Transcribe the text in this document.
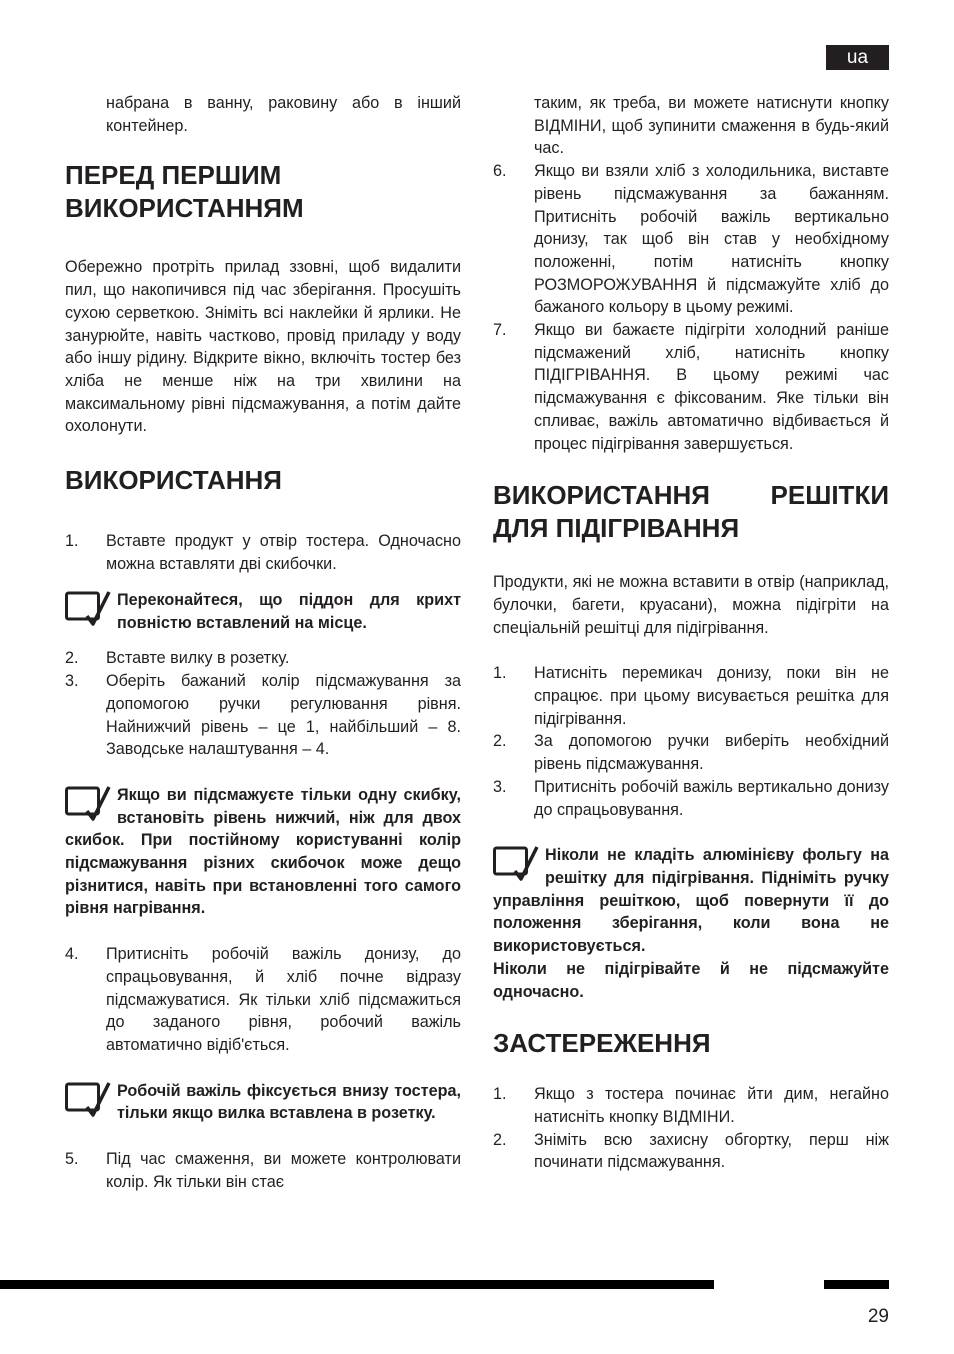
ua

набрана в ванну, раковину або в інший контейнер.

ПЕРЕД ПЕРШИМ ВИКОРИСТАННЯМ

Обережно протріть прилад ззовні, щоб видалити пил, що накопичився під час зберігання. Просушіть сухою серветкою. Зніміть всі наклейки й ярлики. Не занурюйте, навіть частково, провід приладу у воду або іншу рідину. Відкрите вікно, включіть тостер без хліба не менше ніж на три хвилини на максимальному рівні підсмажування, а потім дайте охолонути.

ВИКОРИСТАННЯ
1. Вставте продукт у отвір тостера. Одночасно можна вставляти дві скибочки.

Переконайтеся, що піддон для крихт повністю вставлений на місце.

2. Вставте вилку в розетку.
3. Оберіть бажаний колір підсмажування за допомогою ручки регулювання рівня. Найнижчий рівень – це 1, найбільший – 8. Заводське налаштування – 4.

Якщо ви підсмажуєте тільки одну скибку, встановіть рівень нижчий, ніж для двох скибок. При постійному користуванні колір підсмажування різних скибочок може дещо різнитися, навіть при встановленні того самого рівня нагрівання.

4. Притисніть робочій важіль донизу, до спрацьовування, й хліб почне відразу підсмажуватися. Як тільки хліб підсмажиться до заданого рівня, робочий важіль автоматично відіб'ється.

Робочій важіль фіксується внизу тостера, тільки якщо вилка вставлена в розетку.

5. Під час смаження, ви можете контролювати колір. Як тільки він стає

таким, як треба, ви можете натиснути кнопку ВІДМІНИ, щоб зупинити смаження в будь-який час.

6. Якщо ви взяли хліб з холодильника, виставте рівень підсмажування за бажанням. Притисніть робочій важіль вертикально донизу, так щоб він став у необхідному положенні, потім натисніть кнопку РОЗМОРОЖУВАННЯ й підсмажуйте хліб до бажаного кольору в цьому режимі.
7. Якщо ви бажаєте підігріти холодний раніше підсмажений хліб, натисніть кнопку ПІДІГРІВАННЯ. В цьому режимі час підсмажування є фіксованим. Яке тільки він спливає, важіль автоматично відбивається й процес підігрівання завершується.
ВИКОРИСТАННЯ РЕШІТКИ ДЛЯ ПІДІГРІВАННЯ

Продукти, які не можна вставити в отвір (наприклад, булочки, багети, круасани), можна підігріти на спеціальній решітці для підігрівання.

1. Натисніть перемикач донизу, поки він не спрацює. при цьому висувається решітка для підігрівання.
2. За допомогою ручки виберіть необхідний рівень підсмажування.
3. Притисніть робочій важіль вертикально донизу до спрацьовування.

Ніколи не кладіть алюмінієву фольгу на решітку для підігрівання. Підніміть ручку управління решіткою, щоб повернути її до положення зберігання, коли вона не використовується.

Ніколи не підігрівайте й не підсмажуйте одночасно.

ЗАСТЕРЕЖЕННЯ
1. Якщо з тостера починає йти дим, негайно натисніть кнопку ВІДМІНИ.
2. Зніміть всю захисну обгортку, перш ніж починати підсмажування.
29
